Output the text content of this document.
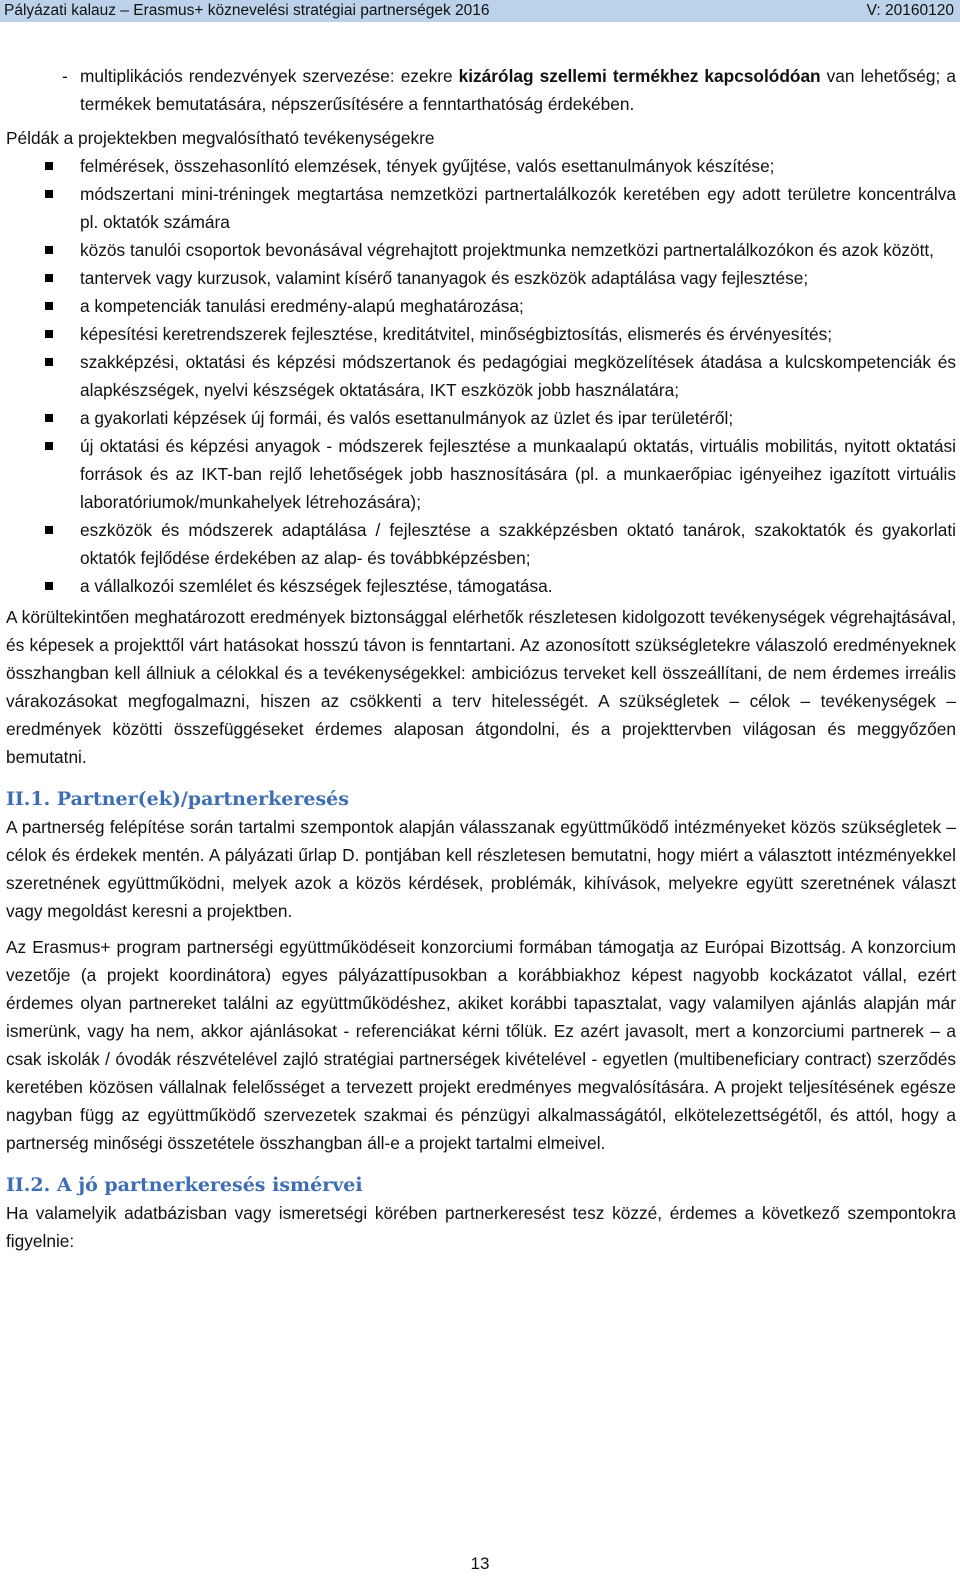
Pályázati kalauz – Erasmus+ köznevelési stratégiai partnerségek 2016	V: 20160120
- multiplikációs rendezvények szervezése: ezekre kizárólag szellemi termékhez kapcsolódóan van lehetőség; a termékek bemutatására, népszerűsítésére a fenntarthatóság érdekében.

Példák a projektekben megvalósítható tevékenységekre

felmérések, összehasonlító elemzések, tények gyűjtése, valós esettanulmányok készítése;
módszertani mini-tréningek megtartása nemzetközi partnertalálkozók keretében egy adott területre koncentrálva pl. oktatók számára
közös tanulói csoportok bevonásával végrehajtott projektmunka nemzetközi partnertalálkozókon és azok között,
tantervek vagy kurzusok, valamint kísérő tananyagok és eszközök adaptálása vagy fejlesztése;
a kompetenciák tanulási eredmény-alapú meghatározása;
képesítési keretrendszerek fejlesztése, kreditátvitel, minőségbiztosítás, elismerés és érvényesítés;
szakképzési, oktatási és képzési módszertanok és pedagógiai megközelítések átadása a kulcskompetenciák és alapkészségek, nyelvi készségek oktatására, IKT eszközök jobb használatára;
a gyakorlati képzések új formái, és valós esettanulmányok az üzlet és ipar területéről;
új oktatási és képzési anyagok - módszerek fejlesztése a munkaalapú oktatás, virtuális mobilitás, nyitott oktatási források és az IKT-ban rejlő lehetőségek jobb hasznosítására (pl. a munkaerőpiac igényeihez igazított virtuális laboratóriumok/munkahelyek létrehozására);
eszközök és módszerek adaptálása / fejlesztése a szakképzésben oktató tanárok, szakoktatók és gyakorlati oktatók fejlődése érdekében az alap- és továbbképzésben;
a vállalkozói szemlélet és készségek fejlesztése, támogatása.

A körültekintően meghatározott eredmények biztonsággal elérhetők részletesen kidolgozott tevékenységek végrehajtásával, és képesek a projekttől várt hatásokat hosszú távon is fenntartani. Az azonosított szükségletekre válaszoló eredményeknek összhangban kell állniuk a célokkal és a tevékenységekkel: ambiciózus terveket kell összeállítani, de nem érdemes irreális várakozásokat megfogalmazni, hiszen az csökkenti a terv hitelességét. A szükségletek – célok – tevékenységek – eredmények közötti összefüggéseket érdemes alaposan átgondolni, és a projekttervben világosan és meggyőzően bemutatni.

II.1. Partner(ek)/partnerkeresés

A partnerség felépítése során tartalmi szempontok alapján válasszanak együttműködő intézményeket közös szükségletek – célok és érdekek mentén. A pályázati űrlap D. pontjában kell részletesen bemutatni, hogy miért a választott intézményekkel szeretnének együttműködni, melyek azok a közös kérdések, problémák, kihívások, melyekre együtt szeretnének választ vagy megoldást keresni a projektben.

Az Erasmus+ program partnerségi együttműködéseit konzorciumi formában támogatja az Európai Bizottság. A konzorcium vezetője (a projekt koordinátora) egyes pályázattípusokban a korábbiakhoz képest nagyobb kockázatot vállal, ezért érdemes olyan partnereket találni az együttműködéshez, akiket korábbi tapasztalat, vagy valamilyen ajánlás alapján már ismerünk, vagy ha nem, akkor ajánlásokat - referenciákat kérni tőlük. Ez azért javasolt, mert a konzorciumi partnerek – a csak iskolák / óvodák részvételével zajló stratégiai partnerségek kivételével - egyetlen (multibeneficiary contract) szerződés keretében közösen vállalnak felelősséget a tervezett projekt eredményes megvalósítására. A projekt teljesítésének egésze nagyban függ az együttműködő szervezetek szakmai és pénzügyi alkalmasságától, elkötelezettségétől, és attól, hogy a partnerség minőségi összetétele összhangban áll-e a projekt tartalmi elmeivel.

II.2. A jó partnerkeresés ismérvei

Ha valamelyik adatbázisban vagy ismeretségi körében partnerkeresést tesz közzé, érdemes a következő szempontokra figyelnie:

13
